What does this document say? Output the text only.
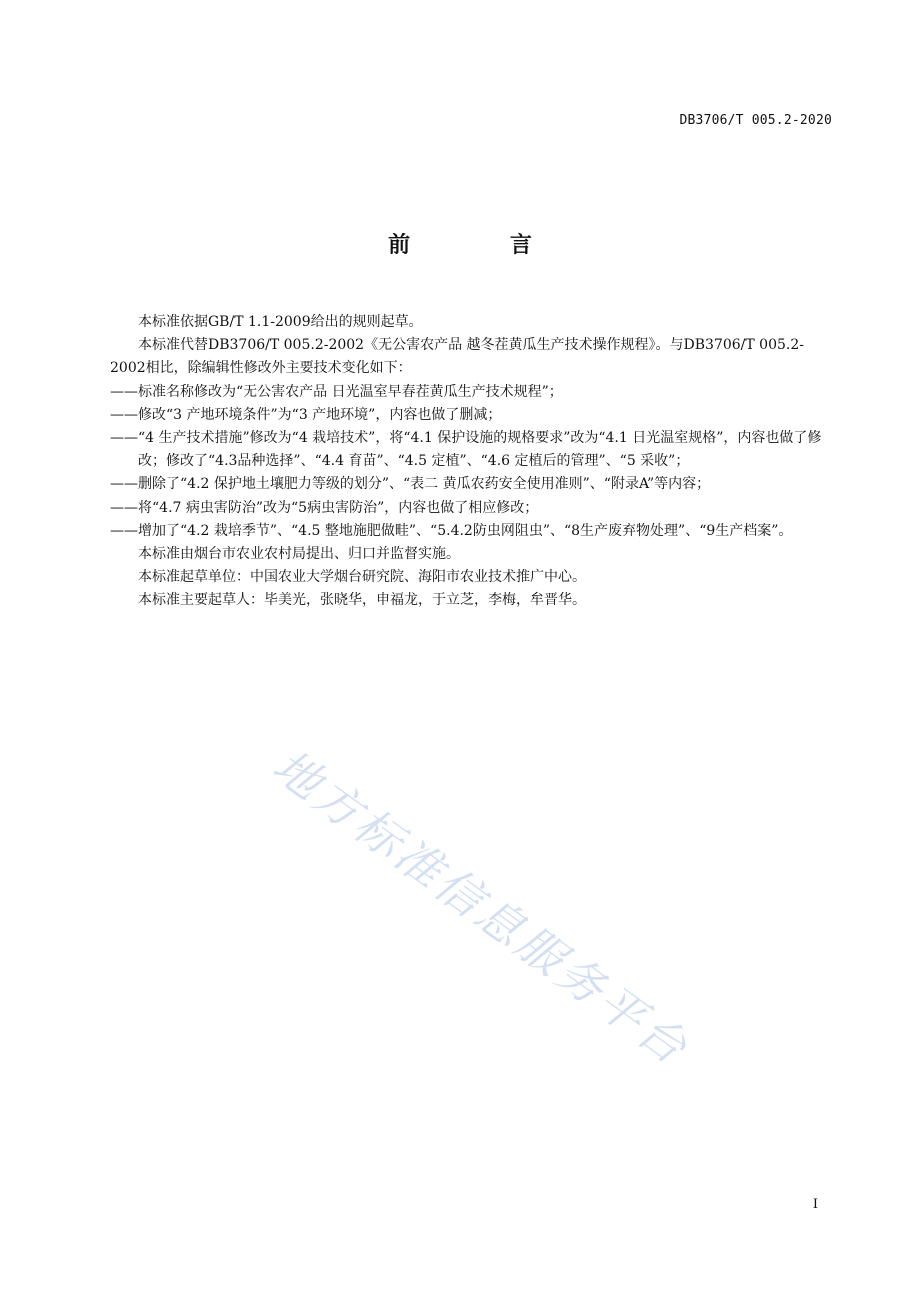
DB3706/T 005.2-2020
前 言

本标准依据GB/T 1.1-2009给出的规则起草。

本标准代替DB3706/T 005.2-2002《无公害农产品 越冬茬黄瓜生产技术操作规程》。与DB3706/T 005.2-2002相比，除编辑性修改外主要技术变化如下：

——标准名称修改为“无公害农产品 日光温室早春茬黄瓜生产技术规程”；

——修改“3 产地环境条件”为“3 产地环境”，内容也做了删减；

——“4 生产技术措施”修改为“4 栽培技术”，将“4.1 保护设施的规格要求”改为“4.1 日光温室规格”，内容也做了修改；修改了“4.3品种选择”、“4.4 育苗”、“4.5 定植”、“4.6 定植后的管理”、“5 采收”；

——删除了“4.2 保护地土壤肥力等级的划分”、“表二 黄瓜农药安全使用准则”、“附录A”等内容；

——将“4.7 病虫害防治”改为“5病虫害防治”，内容也做了相应修改；

——增加了“4.2 栽培季节”、“4.5 整地施肥做畦”、“5.4.2防虫网阻虫”、“8生产废弃物处理”、“9生产档案”。

本标准由烟台市农业农村局提出、归口并监督实施。

本标准起草单位：中国农业大学烟台研究院、海阳市农业技术推广中心。

本标准主要起草人：毕美光，张晓华，申福龙，于立芝，李梅，牟晋华。

地方标准信息服务平台
I
